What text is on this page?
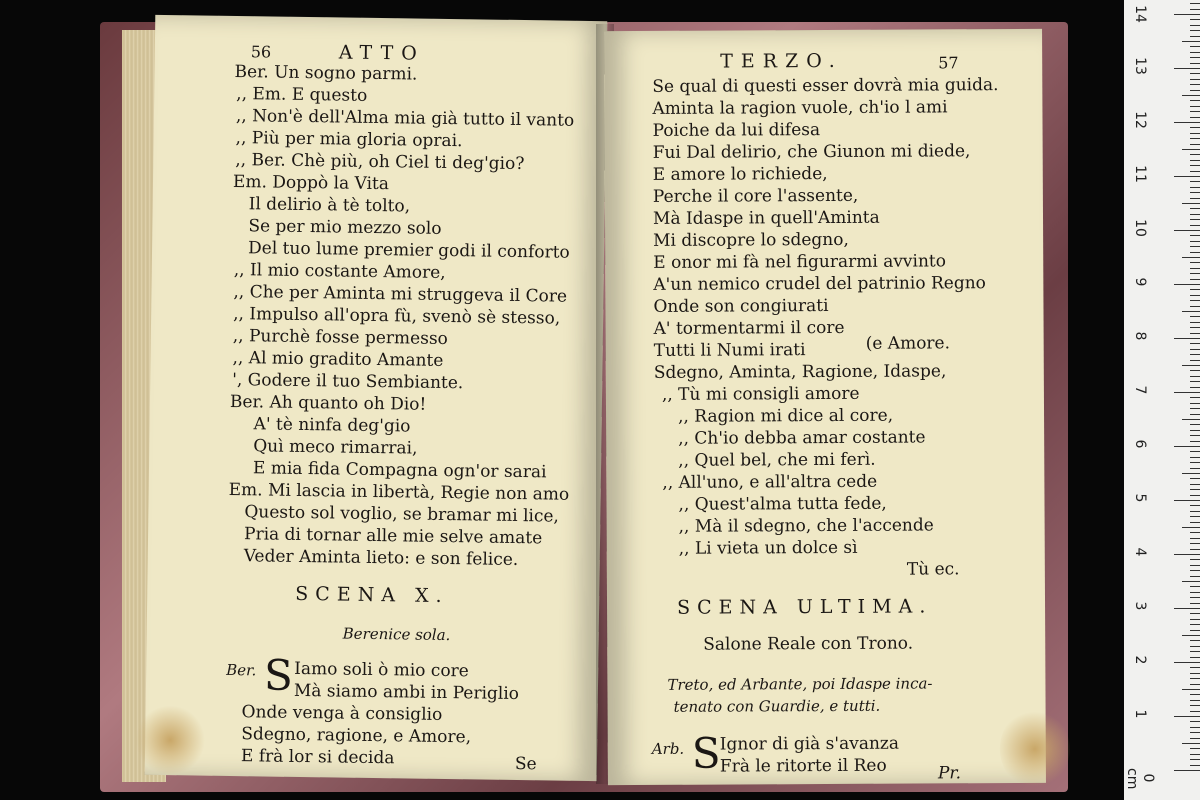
56	ATTO
Ber. Un sogno parmi.
,, Em. E questo
,, Non'è dell'Alma mia già tutto il vanto
,, Più per mia gloria oprai.
,, Ber. Chè più, oh Ciel ti deg'gio?
Em. Doppò la Vita
Il delirio à tè tolto,
Se per mio mezzo solo
Del tuo lume premier godi il conforto
,, Il mio costante Amore,
,, Che per Aminta mi struggeva il Core
,, Impulso all'opra fù, svenò sè stesso,
,, Purchè fosse permesso
,, Al mio gradito Amante
', Godere il tuo Sembiante.
Ber. Ah quanto oh Dio!
A' tè ninfa deg'gio
Quì meco rimarrai,
E mia fida Compagna ogn'or sarai
Em. Mi lascia in libertà, Regie non amo
Questo sol voglio, se bramar mi lice,
Pria di tornar alle mie selve amate
Veder Aminta lieto: e son felice.
SCENA X.
Berenice sola.
Ber. S Iamo soli ò mio core
Mà siamo ambi in Periglio
Onde venga à consiglio
Sdegno, ragione, e Amore,
E frà lor si decida	Se
TERZO.	57
Se qual di questi esser dovrà mia guida.
Aminta la ragion vuole, ch'io l ami
Poiche da lui difesa
Fui Dal delirio, che Giunon mi diede,
E amore lo richiede,
Perche il core l'assente,
Mà Idaspe in quell'Aminta
Mi discopre lo sdegno,
E onor mi fà nel figurarmi avvinto
A'un nemico crudel del patrinio Regno
Onde son congiurati
A' tormentarmi il core
Tutti li Numi irati	(e Amore.
Sdegno, Aminta, Ragione, Idaspe,
,, Tù mi consigli amore
,, Ragion mi dice al core,
,, Ch'io debba amar costante
,, Quel bel, che mi ferì.
,, All'uno, e all'altra cede
,, Quest'alma tutta fede,
,, Mà il sdegno, che l'accende
,, Li vieta un dolce sì
Tù ec.
SCENA ULTIMA.
Salone Reale con Trono.
Treto, ed Arbante, poi Idaspe inca-
tenato con Guardie, e tutti.
Arb. S
Ignor di già s'avanza
Frà le ritorte il Reo	Pr.	0 cm
1
2
3
4
5
6
7
8
9
10
11
12
13
14
